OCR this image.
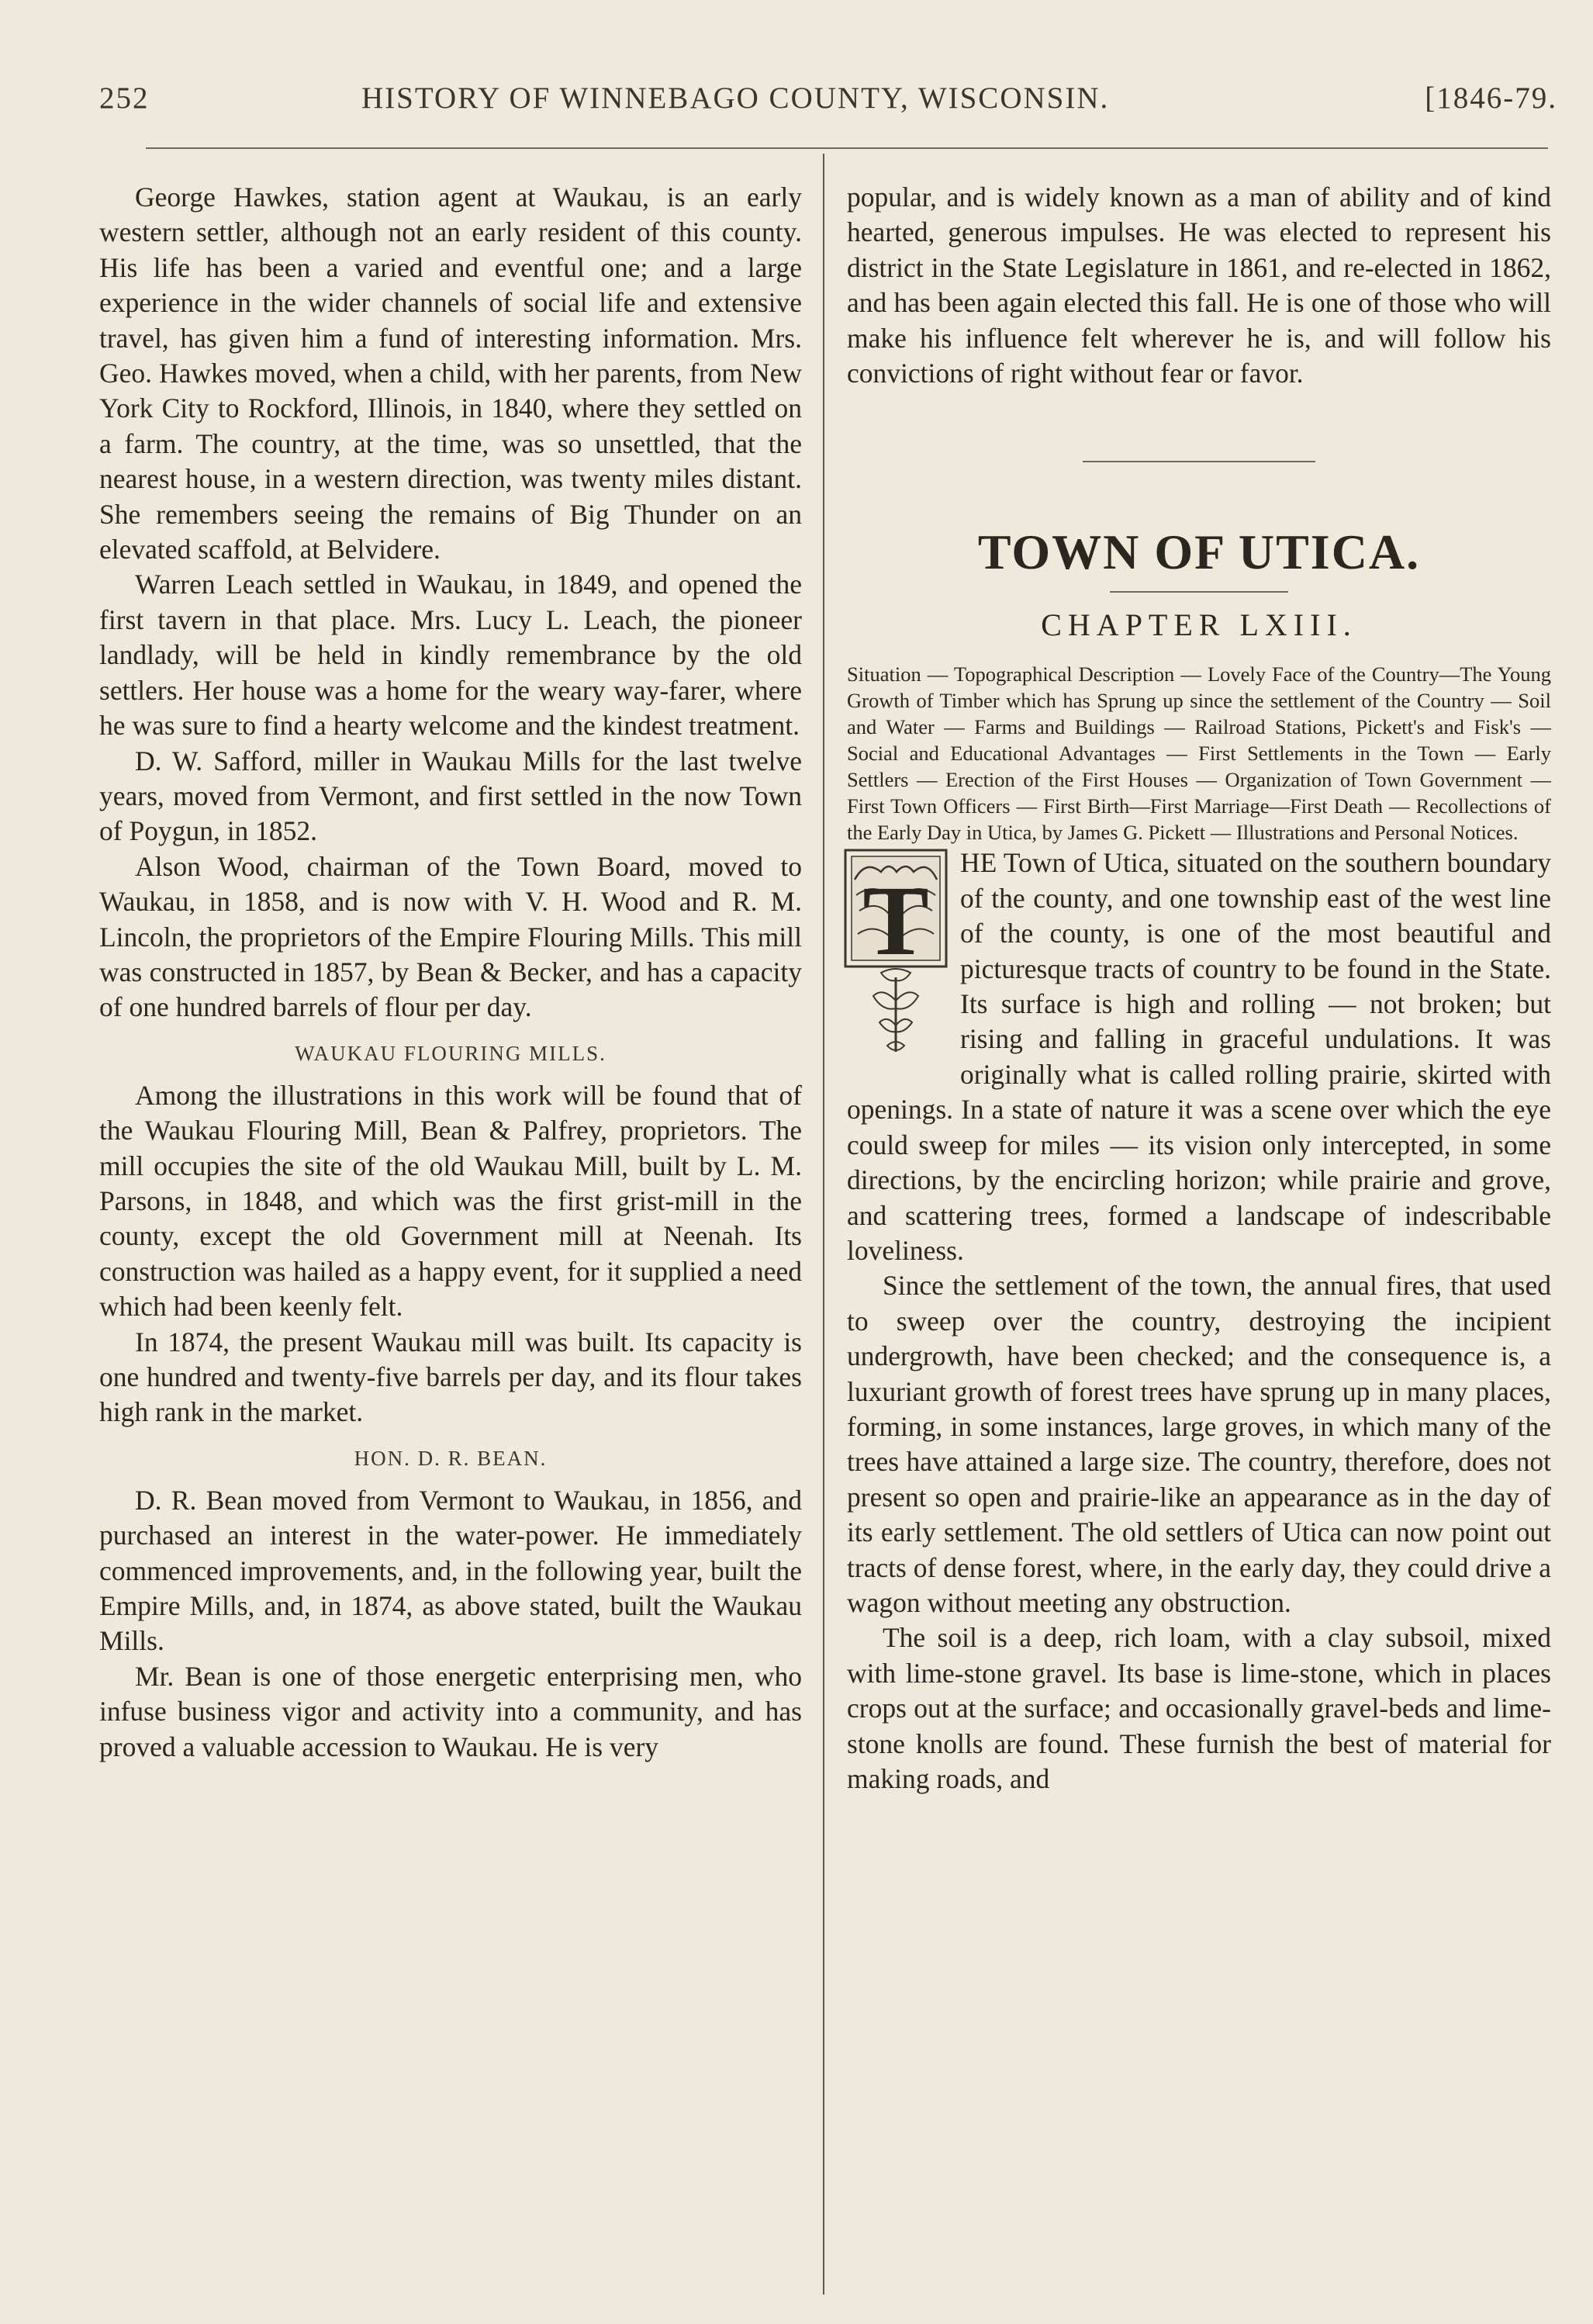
252	HISTORY OF WINNEBAGO COUNTY, WISCONSIN.	[1846-79.

George Hawkes, station agent at Waukau, is an early western settler, although not an early resident of this county. His life has been a varied and eventful one; and a large experience in the wider channels of social life and extensive travel, has given him a fund of interesting information. Mrs. Geo. Hawkes moved, when a child, with her parents, from New York City to Rockford, Illinois, in 1840, where they settled on a farm. The country, at the time, was so unsettled, that the nearest house, in a western direction, was twenty miles distant. She remembers seeing the remains of Big Thunder on an elevated scaffold, at Belvidere.

Warren Leach settled in Waukau, in 1849, and opened the first tavern in that place. Mrs. Lucy L. Leach, the pioneer landlady, will be held in kindly remembrance by the old settlers. Her house was a home for the weary way-farer, where he was sure to find a hearty welcome and the kindest treatment.

D. W. Safford, miller in Waukau Mills for the last twelve years, moved from Vermont, and first settled in the now Town of Poygun, in 1852.

Alson Wood, chairman of the Town Board, moved to Waukau, in 1858, and is now with V. H. Wood and R. M. Lincoln, the proprietors of the Empire Flouring Mills. This mill was constructed in 1857, by Bean & Becker, and has a capacity of one hundred barrels of flour per day.

WAUKAU FLOURING MILLS.

Among the illustrations in this work will be found that of the Waukau Flouring Mill, Bean & Palfrey, proprietors. The mill occupies the site of the old Waukau Mill, built by L. M. Parsons, in 1848, and which was the first grist-mill in the county, except the old Government mill at Neenah. Its construction was hailed as a happy event, for it supplied a need which had been keenly felt.

In 1874, the present Waukau mill was built. Its capacity is one hundred and twenty-five barrels per day, and its flour takes high rank in the market.

HON. D. R. BEAN.

D. R. Bean moved from Vermont to Waukau, in 1856, and purchased an interest in the water-power. He immediately commenced improvements, and, in the following year, built the Empire Mills, and, in 1874, as above stated, built the Waukau Mills.

Mr. Bean is one of those energetic enterprising men, who infuse business vigor and activity into a community, and has proved a valuable accession to Waukau. He is very

popular, and is widely known as a man of ability and of kind hearted, generous impulses. He was elected to represent his district in the State Legislature in 1861, and re-elected in 1862, and has been again elected this fall. He is one of those who will make his influence felt wherever he is, and will follow his convictions of right without fear or favor.

TOWN OF UTICA.
CHAPTER LXIII.

Situation — Topographical Description — Lovely Face of the Country—The Young Growth of Timber which has Sprung up since the settlement of the Country — Soil and Water — Farms and Buildings — Railroad Stations, Pickett's and Fisk's — Social and Educational Advantages — First Settlements in the Town — Early Settlers — Erection of the First Houses — Organization of Town Government — First Town Officers — First Birth—First Marriage—First Death — Recollections of the Early Day in Utica, by James G. Pickett — Illustrations and Personal Notices.

T

HE Town of Utica, situated on the southern boundary of the county, and one township east of the west line of the county, is one of the most beautiful and picturesque tracts of country to be found in the State. Its surface is high and rolling — not broken; but rising and falling in graceful undulations. It was originally what is called rolling prairie, skirted with openings. In a state of nature it was a scene over which the eye could sweep for miles — its vision only intercepted, in some directions, by the encircling horizon; while prairie and grove, and scattering trees, formed a landscape of indescribable loveliness.

Since the settlement of the town, the annual fires, that used to sweep over the country, destroying the incipient undergrowth, have been checked; and the consequence is, a luxuriant growth of forest trees have sprung up in many places, forming, in some instances, large groves, in which many of the trees have attained a large size. The country, therefore, does not present so open and prairie-like an appearance as in the day of its early settlement. The old settlers of Utica can now point out tracts of dense forest, where, in the early day, they could drive a wagon without meeting any obstruction.

The soil is a deep, rich loam, with a clay subsoil, mixed with lime-stone gravel. Its base is lime-stone, which in places crops out at the surface; and occasionally gravel-beds and lime-stone knolls are found. These furnish the best of material for making roads, and
